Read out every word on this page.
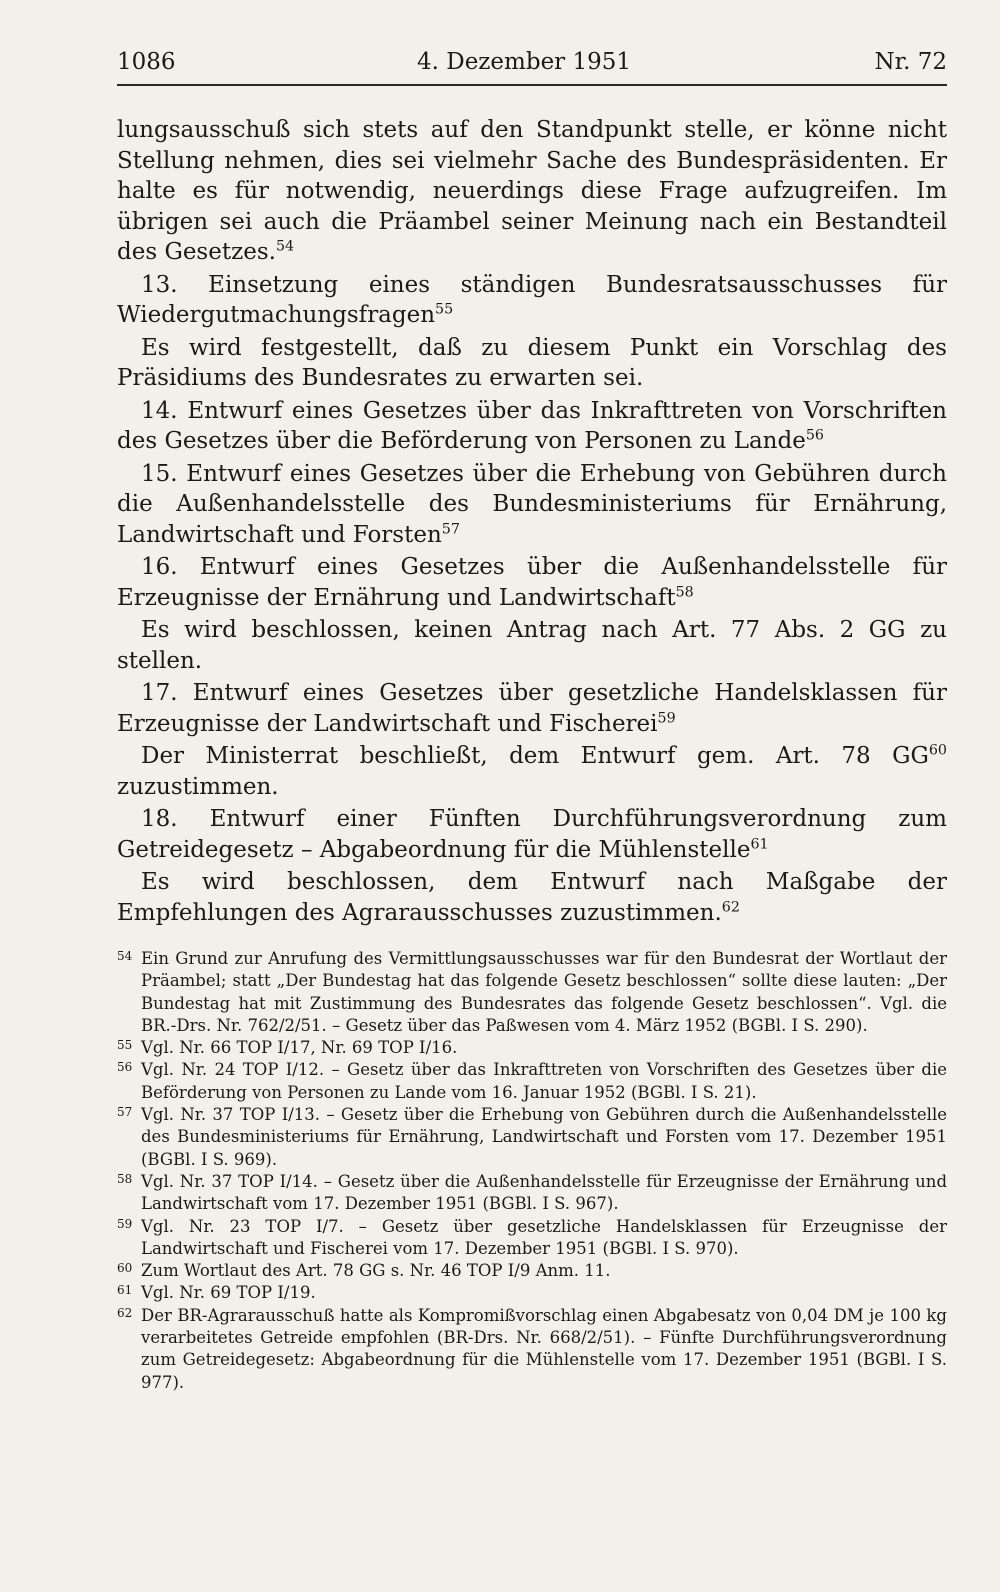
1086	4. Dezember 1951	Nr. 72

lungsausschuß sich stets auf den Standpunkt stelle, er könne nicht Stellung nehmen, dies sei vielmehr Sache des Bundespräsidenten. Er halte es für notwendig, neuerdings diese Frage aufzugreifen. Im übrigen sei auch die Präambel seiner Meinung nach ein Bestandteil des Gesetzes.$^{54}$

13. Einsetzung eines ständigen Bundesratsausschusses für Wiedergutmachungsfragen$^{55}$

Es wird festgestellt, daß zu diesem Punkt ein Vorschlag des Präsidiums des Bundesrates zu erwarten sei.

14. Entwurf eines Gesetzes über das Inkrafttreten von Vorschriften des Gesetzes über die Beförderung von Personen zu Lande$^{56}$

15. Entwurf eines Gesetzes über die Erhebung von Gebühren durch die Außenhandelsstelle des Bundesministeriums für Ernährung, Landwirtschaft und Forsten$^{57}$

16. Entwurf eines Gesetzes über die Außenhandelsstelle für Erzeugnisse der Ernährung und Landwirtschaft$^{58}$

Es wird beschlossen, keinen Antrag nach Art. 77 Abs. 2 GG zu stellen.

17. Entwurf eines Gesetzes über gesetzliche Handelsklassen für Erzeugnisse der Landwirtschaft und Fischerei$^{59}$

Der Ministerrat beschließt, dem Entwurf gem. Art. 78 GG$^{60}$ zuzustimmen.

18. Entwurf einer Fünften Durchführungsverordnung zum Getreidegesetz – Abgabeordnung für die Mühlenstelle$^{61}$

Es wird beschlossen, dem Entwurf nach Maßgabe der Empfehlungen des Agrarausschusses zuzustimmen.$^{62}$

54 Ein Grund zur Anrufung des Vermittlungsausschusses war für den Bundesrat der Wortlaut der Präambel; statt „Der Bundestag hat das folgende Gesetz beschlossen“ sollte diese lauten: „Der Bundestag hat mit Zustimmung des Bundesrates das folgende Gesetz beschlossen“. Vgl. die BR.-Drs. Nr. 762/2/51. – Gesetz über das Paßwesen vom 4. März 1952 (BGBl. I S. 290).

55 Vgl. Nr. 66 TOP I/17, Nr. 69 TOP I/16.

56 Vgl. Nr. 24 TOP I/12. – Gesetz über das Inkrafttreten von Vorschriften des Gesetzes über die Beförderung von Personen zu Lande vom 16. Januar 1952 (BGBl. I S. 21).

57 Vgl. Nr. 37 TOP I/13. – Gesetz über die Erhebung von Gebühren durch die Außenhandelsstelle des Bundesministeriums für Ernährung, Landwirtschaft und Forsten vom 17. Dezember 1951 (BGBl. I S. 969).

58 Vgl. Nr. 37 TOP I/14. – Gesetz über die Außenhandelsstelle für Erzeugnisse der Ernährung und Landwirtschaft vom 17. Dezember 1951 (BGBl. I S. 967).

59 Vgl. Nr. 23 TOP I/7. – Gesetz über gesetzliche Handelsklassen für Erzeugnisse der Landwirtschaft und Fischerei vom 17. Dezember 1951 (BGBl. I S. 970).

60 Zum Wortlaut des Art. 78 GG s. Nr. 46 TOP I/9 Anm. 11.

61 Vgl. Nr. 69 TOP I/19.

62 Der BR-Agrarausschuß hatte als Kompromißvorschlag einen Abgabesatz von 0,04 DM je 100 kg verarbeitetes Getreide empfohlen (BR-Drs. Nr. 668/2/51). – Fünfte Durchführungsverordnung zum Getreidegesetz: Abgabeordnung für die Mühlenstelle vom 17. Dezember 1951 (BGBl. I S. 977).
